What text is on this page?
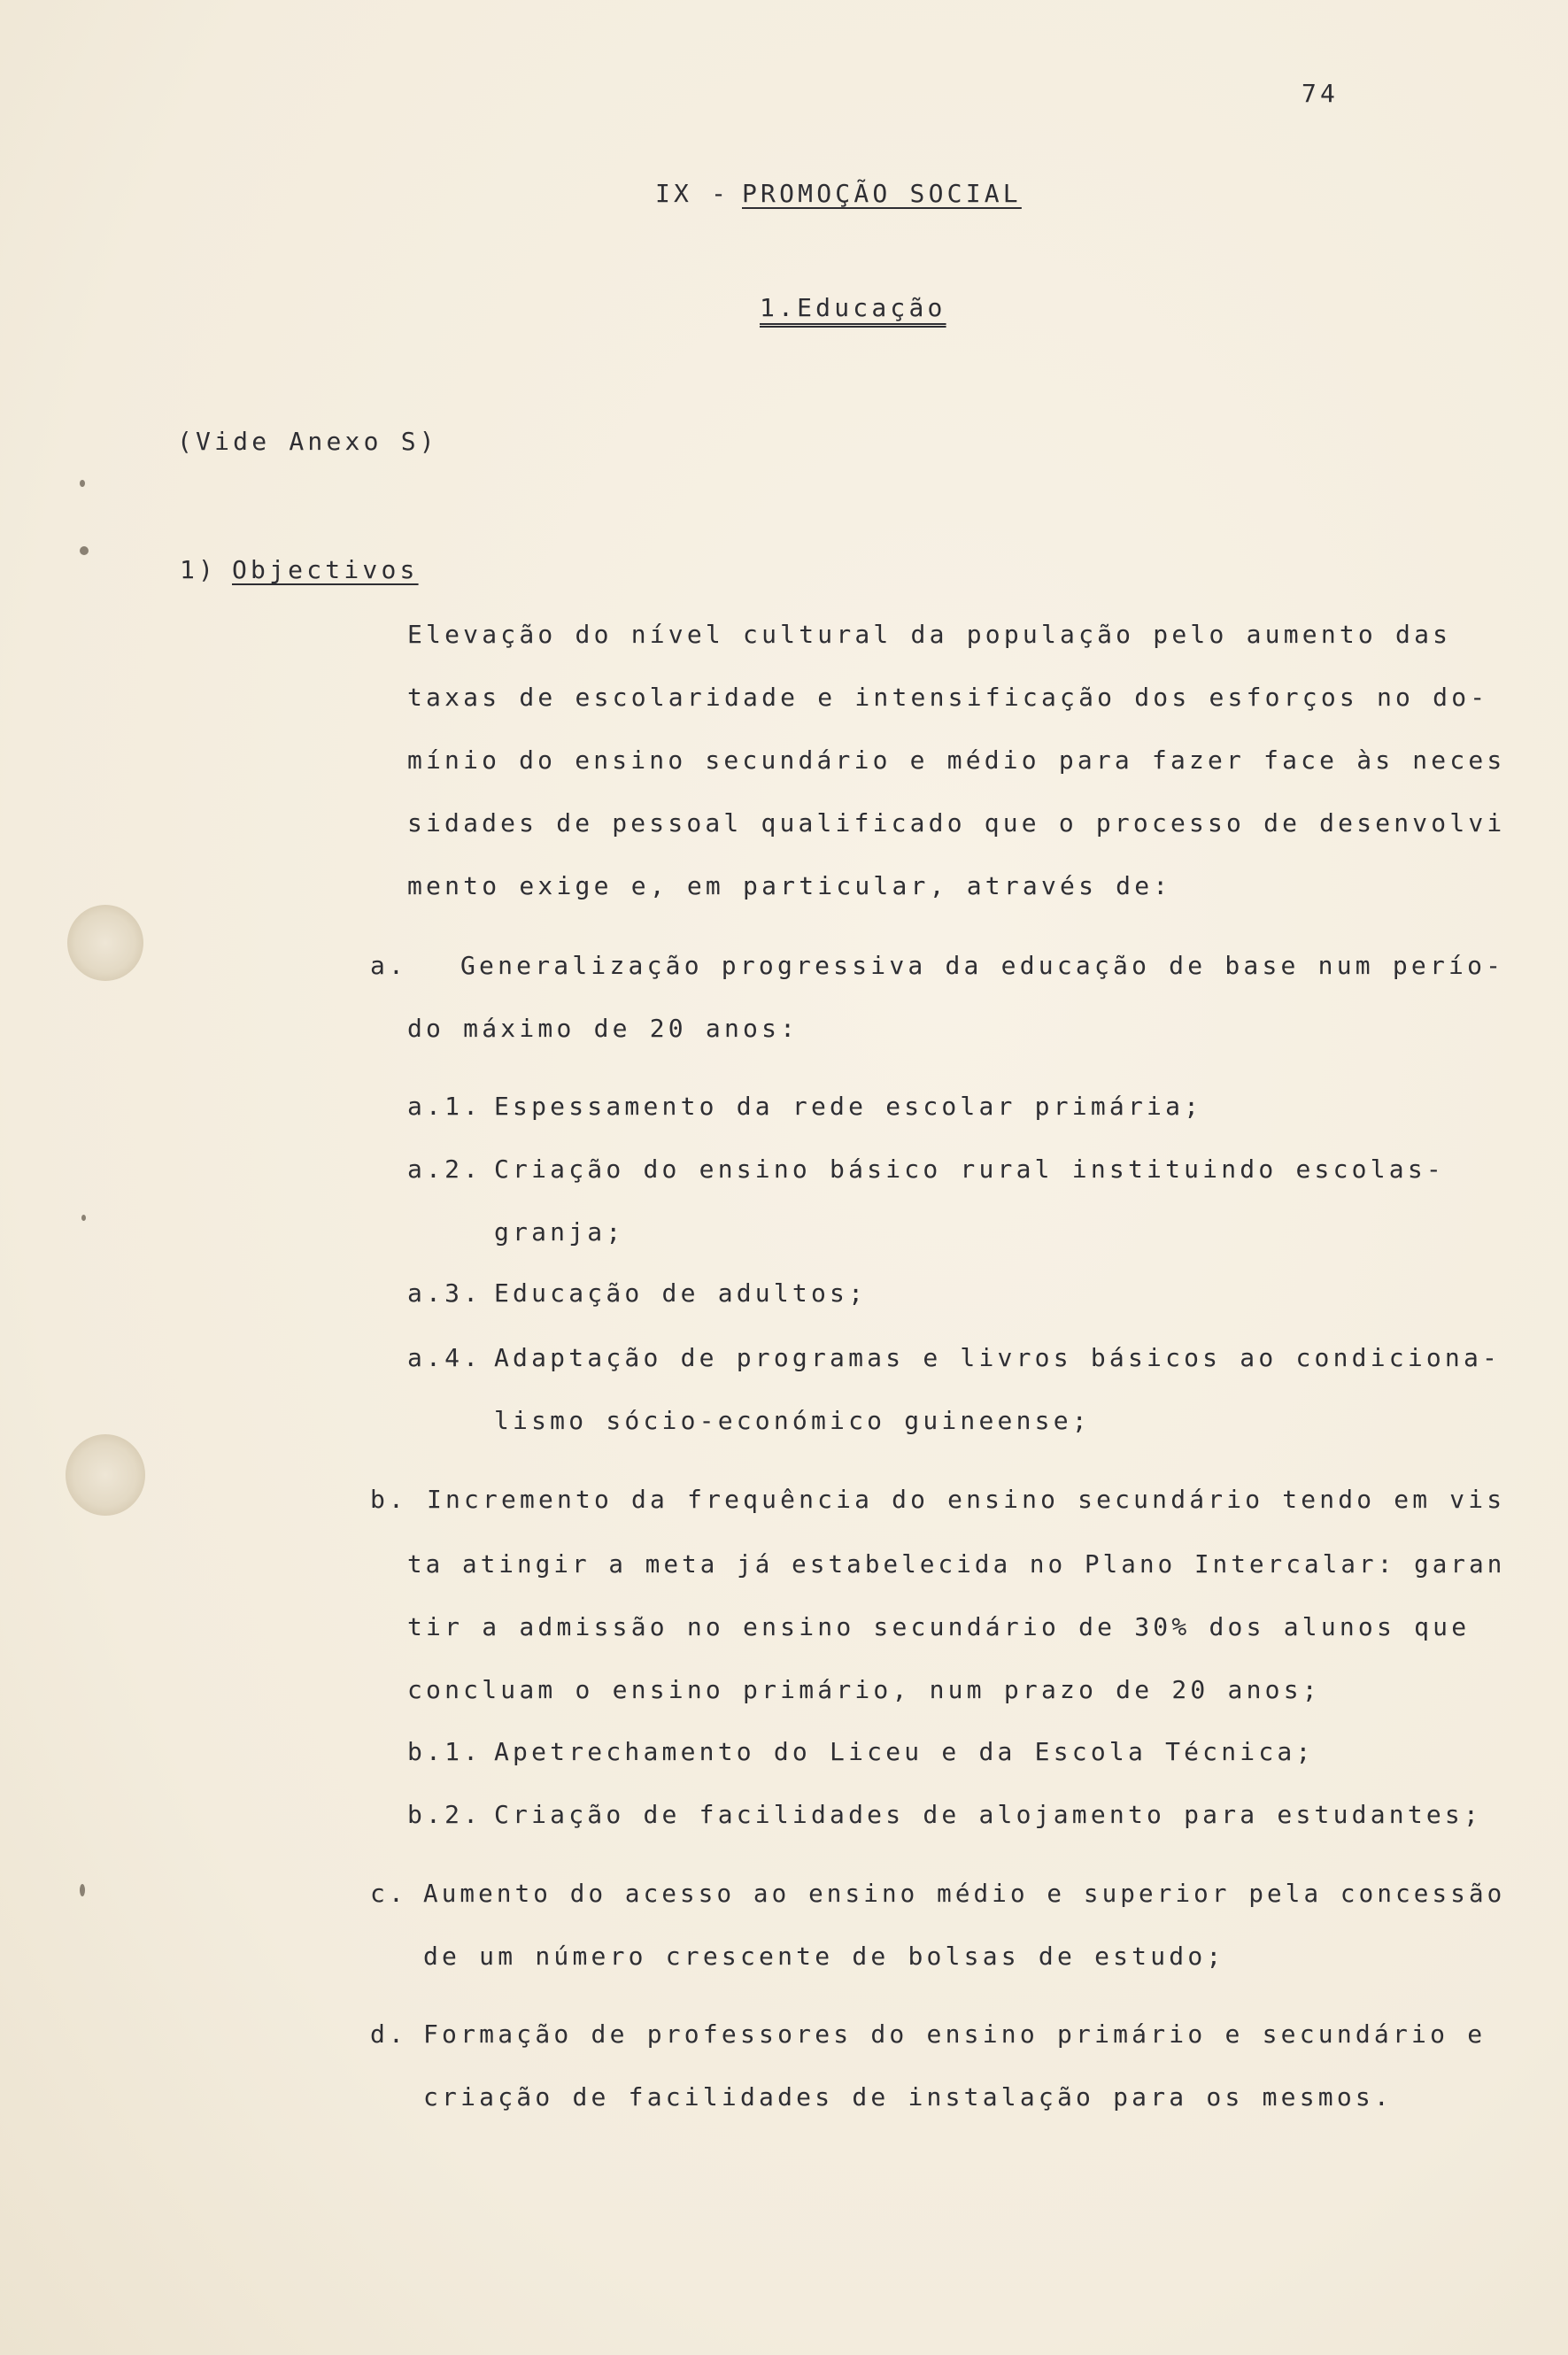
74
IX - PROMOÇÃO SOCIAL
1.Educação
(Vide Anexo S)
1) Objectivos
Elevação do nível cultural da população pelo aumento das
taxas de escolaridade e intensificação dos esforços no do-
mínio do ensino secundário e médio para fazer face às neces
sidades de pessoal qualificado que o processo de desenvolvi
mento exige e, em particular, através de:
a. Generalização progressiva da educação de base num perío-
do máximo de 20 anos:
a.1. Espessamento da rede escolar primária;
a.2. Criação do ensino básico rural instituindo escolas-
granja;
a.3. Educação de adultos;
a.4. Adaptação de programas e livros básicos ao condiciona-
lismo sócio-económico guineense;
b. Incremento da frequência do ensino secundário tendo em vis
ta atingir a meta já estabelecida no Plano Intercalar: garan
tir a admissão no ensino secundário de 30% dos alunos que
concluam o ensino primário, num prazo de 20 anos;
b.1. Apetrechamento do Liceu e da Escola Técnica;
b.2. Criação de facilidades de alojamento para estudantes;
c. Aumento do acesso ao ensino médio e superior pela concessão
de um número crescente de bolsas de estudo;
d. Formação de professores do ensino primário e secundário e
criação de facilidades de instalação para os mesmos.
